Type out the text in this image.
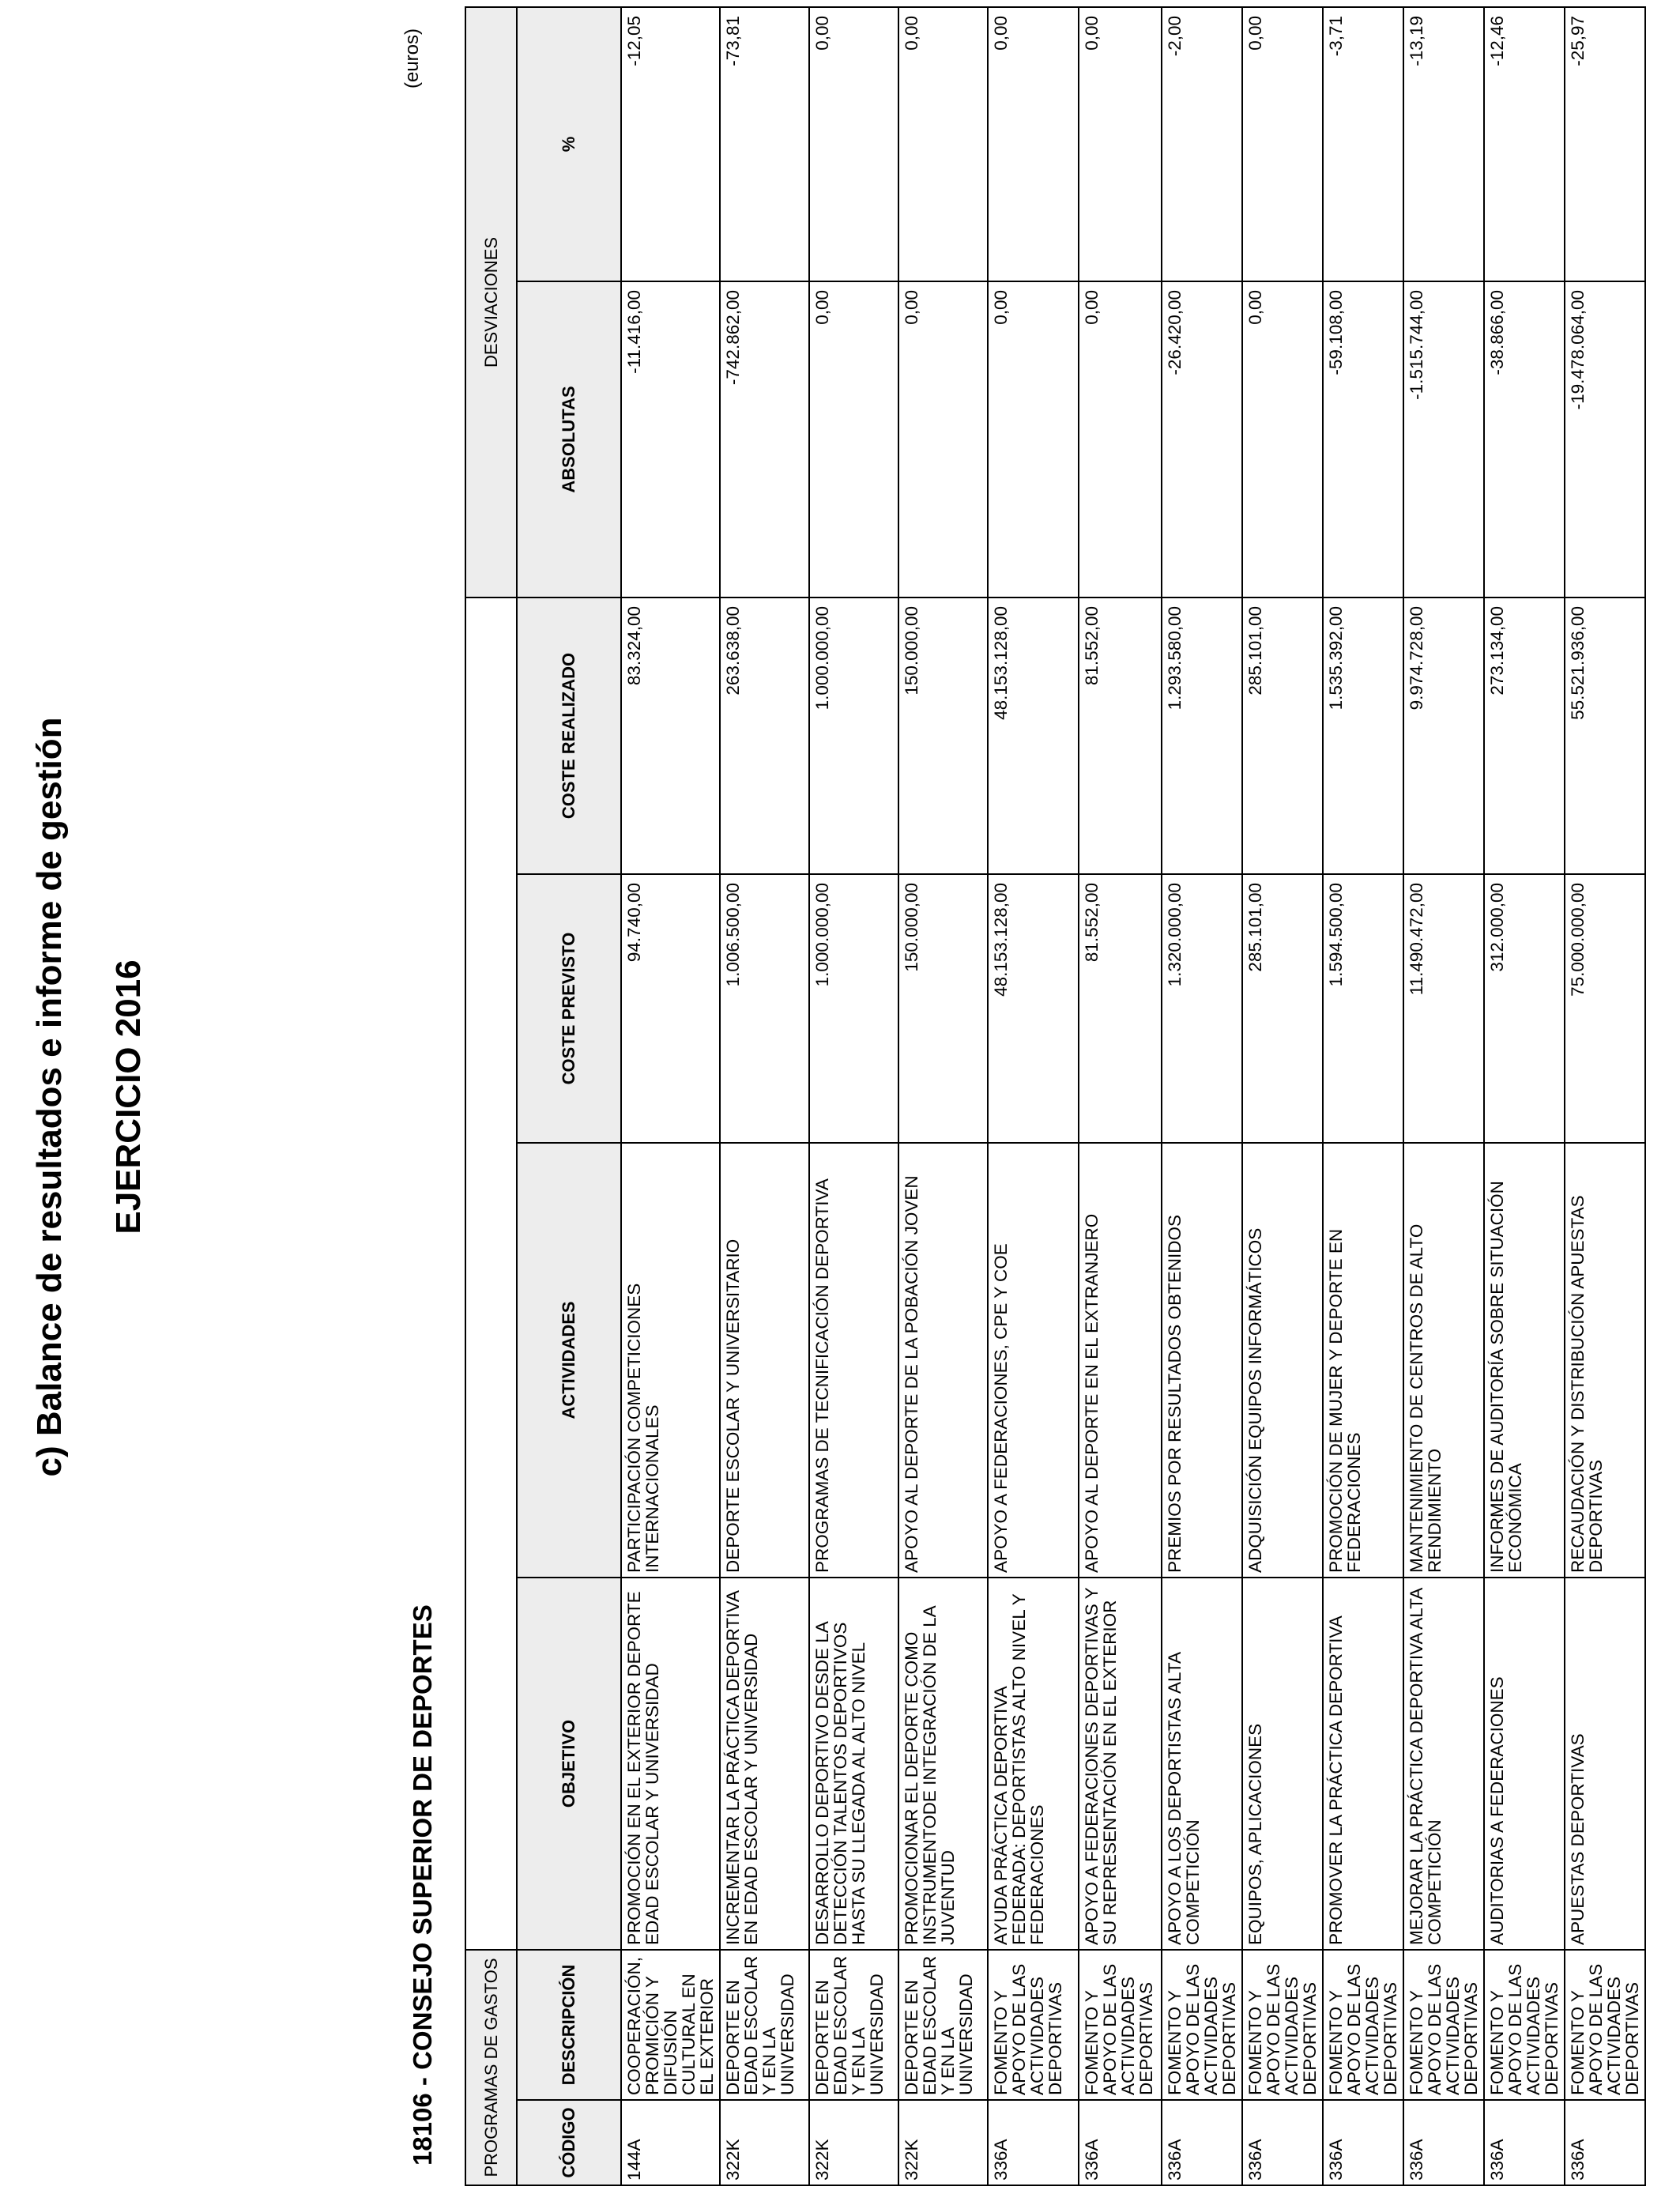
c) Balance de resultados e informe de gestión EJERCICIO 2016
18106 - CONSEJO SUPERIOR DE DEPORTES
(euros)
PROGRAMAS DE GASTOS						DESVIACIONES	
CÓDIGO	DESCRIPCIÓN	OBJETIVO	ACTIVIDADES	COSTE PREVISTO	COSTE REALIZADO	ABSOLUTAS	%
144A	COOPERACIÓN, PROMICIÓN Y DIFUSIÓN CULTURAL EN EL EXTERIOR	PROMOCIÓN EN EL EXTERIOR DEPORTE EDAD ESCOLAR Y UNIVERSIDAD	PARTICIPACIÓN COMPETICIONES INTERNACIONALES	94.740,00	83.324,00	-11.416,00	-12,05
322K	DEPORTE EN EDAD ESCOLAR Y EN LA UNIVERSIDAD	INCREMENTAR LA PRÁCTICA DEPORTIVA EN EDAD ESCOLAR Y UNIVERSIDAD	DEPORTE ESCOLAR Y UNIVERSITARIO	1.006.500,00	263.638,00	-742.862,00	-73,81
322K	DEPORTE EN EDAD ESCOLAR Y EN LA UNIVERSIDAD	DESARROLLO DEPORTIVO DESDE LA DETECCIÓN TALENTOS DEPORTIVOS HASTA SU LLEGADA AL ALTO NIVEL	PROGRAMAS DE TECNIFICACIÓN DEPORTIVA	1.000.000,00	1.000.000,00	0,00	0,00
322K	DEPORTE EN EDAD ESCOLAR Y EN LA UNIVERSIDAD	PROMOCIONAR EL DEPORTE COMO INSTRUMENTODE INTEGRACIÓN DE LA JUVENTUD	APOYO AL DEPORTE DE LA POBACIÓN JOVEN	150.000,00	150.000,00	0,00	0,00
336A	FOMENTO Y APOYO DE LAS ACTIVIDADES DEPORTIVAS	AYUDA PRÁCTICA DEPORTIVA FEDERADA: DEPORTISTAS ALTO NIVEL Y FEDERACIONES	APOYO A FEDERACIONES, CPE Y COE	48.153.128,00	48.153.128,00	0,00	0,00
336A	FOMENTO Y APOYO DE LAS ACTIVIDADES DEPORTIVAS	APOYO A FEDERACIONES DEPORTIVAS Y SU REPRESENTACIÓN EN EL EXTERIOR	APOYO AL DEPORTE EN EL EXTRANJERO	81.552,00	81.552,00	0,00	0,00
336A	FOMENTO Y APOYO DE LAS ACTIVIDADES DEPORTIVAS	APOYO A LOS DEPORTISTAS ALTA COMPETICIÓN	PREMIOS POR RESULTADOS OBTENIDOS	1.320.000,00	1.293.580,00	-26.420,00	-2,00
336A	FOMENTO Y APOYO DE LAS ACTIVIDADES DEPORTIVAS	EQUIPOS, APLICACIONES	ADQUISICIÓN EQUIPOS INFORMÁTICOS	285.101,00	285.101,00	0,00	0,00
336A	FOMENTO Y APOYO DE LAS ACTIVIDADES DEPORTIVAS	PROMOVER LA PRÁCTICA DEPORTIVA	PROMOCIÓN DE MUJER Y DEPORTE EN FEDERACIONES	1.594.500,00	1.535.392,00	-59.108,00	-3,71
336A	FOMENTO Y APOYO DE LAS ACTIVIDADES DEPORTIVAS	MEJORAR LA PRÁCTICA DEPORTIVA ALTA COMPETICIÓN	MANTENIMIENTO DE CENTROS DE ALTO RENDIMIENTO	11.490.472,00	9.974.728,00	-1.515.744,00	-13,19
336A	FOMENTO Y APOYO DE LAS ACTIVIDADES DEPORTIVAS	AUDITORIAS A FEDERACIONES	INFORMES DE AUDITORÍA SOBRE SITUACIÓN ECONÓMICA	312.000,00	273.134,00	-38.866,00	-12,46
336A	FOMENTO Y APOYO DE LAS ACTIVIDADES DEPORTIVAS	APUESTAS DEPORTIVAS	RECAUDACIÓN Y DISTRIBUCIÓN APUESTAS DEPORTIVAS	75.000.000,00	55.521.936,00	-19.478.064,00	-25,97
